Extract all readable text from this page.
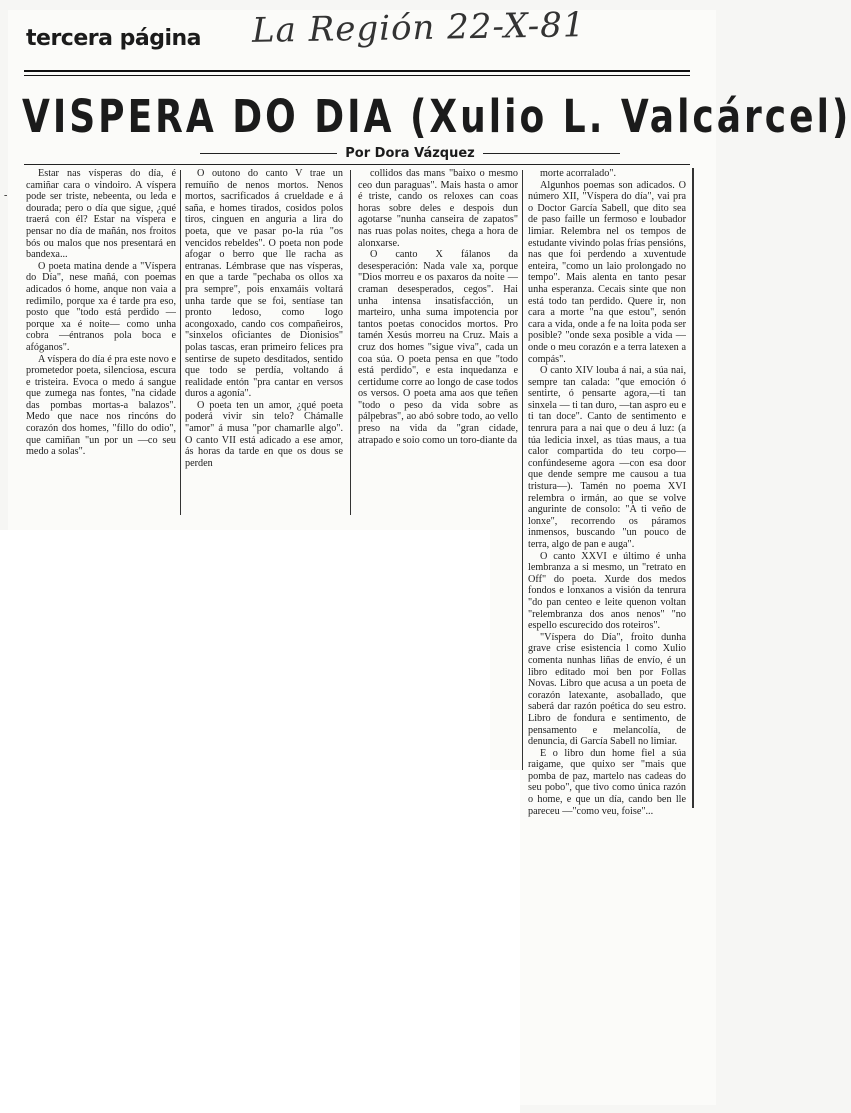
tercera página La Región 22-X-81
VISPERA DO DIA (Xulio L. Valcárcel)
Por Dora Vázquez
-

Estar nas vísperas do día, é camiñar cara o vindoiro. A víspera pode ser triste, nebeenta, ou leda e dourada; pero o día que sigue, ¿qué traerá con él? Estar na víspera e pensar no día de mañán, nos froitos bós ou malos que nos presentará en bandexa...

O poeta matina dende a "Víspera do Día", nese mañá, con poemas adicados ó home, anque non vaia a redimilo, porque xa é tarde pra eso, posto que "todo está perdido —porque xa é noite— como unha cobra —éntranos pola boca e afóganos".

A víspera do día é pra este novo e prometedor poeta, silenciosa, escura e tristeira. Evoca o medo á sangue que zumega nas fontes, "na cidade das pombas mortas-a balazos". Medo que nace nos rincóns do corazón dos homes, "fillo do odio", que camiñan "un por un —co seu medo a solas".

O outono do canto V trae un remuíño de nenos mortos. Nenos mortos, sacrificados á crueldade e á saña, e homes tirados, cosidos polos tiros, cinguen en anguria a lira do poeta, que ve pasar po-la rúa "os vencidos rebeldes". O poeta non pode afogar o berro que lle racha as entranas. Lémbrase que nas vísperas, en que a tarde "pechaba os ollos xa pra sempre", pois enxamáis voltará unha tarde que se foi, sentíase tan pronto ledoso, como logo acongoxado, cando cos compañeiros, "sinxelos oficiantes de Dionisios" polas tascas, eran primeiro felices pra sentirse de supeto desditados, sentido que todo se perdía, voltando á realidade entón "pra cantar en versos duros a agonía".

O poeta ten un amor, ¿qué poeta poderá vivir sin telo? Chámalle "amor" á musa "por chamarlle algo". O canto VII está adicado a ese amor, ás horas da tarde en que os dous se perden

collidos das mans "baixo o mesmo ceo dun paraguas". Mais hasta o amor é triste, cando os reloxes can coas horas sobre deles e despois dun agotarse "nunha canseira de zapatos" nas ruas polas noites, chega a hora de alonxarse.

O canto X fálanos da desesperación: Nada vale xa, porque "Dios morreu e os paxaros da noite —craman desesperados, cegos". Hai unha intensa insatisfacción, un marteiro, unha suma impotencia por tantos poetas conocidos mortos. Pro tamén Xesús morreu na Cruz. Mais a cruz dos homes "sigue viva", cada un coa súa. O poeta pensa en que "todo está perdido", e esta inquedanza e certidume corre ao longo de case todos os versos. O poeta ama aos que teñen "todo o peso da vida sobre as pálpebras", ao abó sobre todo, ao vello preso na vida da "gran cidade, atrapado e soio como un toro-diante da

morte acorralado".

Algunhos poemas son adicados. O número XII, "Víspera do día", vai pra o Doctor García Sabell, que dito sea de paso faille un fermoso e loubador limiar. Relembra nel os tempos de estudante vivindo polas frías pensións, nas que foi perdendo a xuventude enteira, "como un laio prolongado no tempo". Mais alenta en tanto pesar unha esperanza. Cecais sinte que non está todo tan perdido. Quere ir, non cara a morte "na que estou", senón cara a vida, onde a fe na loita poda ser posible? "onde sexa posible a vida —onde o meu corazón e a terra latexen a compás".

O canto XIV louba á nai, a súa nai, sempre tan calada: "que emoción ó sentirte, ó pensarte agora,—ti tan sinxela — ti tan duro, —tan aspro eu e ti tan doce". Canto de sentimento e tenrura para a nai que o deu á luz: (a túa ledicia inxel, as túas maus, a tua calor compartida do teu corpo— confúndeseme agora —con esa door que dende sempre me causou a tua tristura—). Tamén no poema XVI relembra o irmán, ao que se volve angurinte de consolo: "A ti veño de lonxe", recorrendo os páramos inmensos, buscando "un pouco de terra, algo de pan e auga".

O canto XXVI e último é unha lembranza a si mesmo, un "retrato en Off" do poeta. Xurde dos medos fondos e lonxanos a visión da tenrura "do pan centeo e leite quenon voltan "relembranza dos anos nenos" "no espello escurecido dos roteiros".

"Víspera do Día", froito dunha grave crise esistencia l como Xulio comenta nunhas liñas de envío, é un libro editado moi ben por Follas Novas. Libro que acusa a un poeta de corazón latexante, asoballado, que saberá dar razón poética do seu estro. Libro de fondura e sentimento, de pensamento e melancolía, de denuncia, di García Sabell no limiar.

E o libro dun home fiel a súa raigame, que quixo ser "mais que pomba de paz, martelo nas cadeas do seu pobo", que tivo como única razón o home, e que un día, cando ben lle pareceu —"como veu, foise"...
